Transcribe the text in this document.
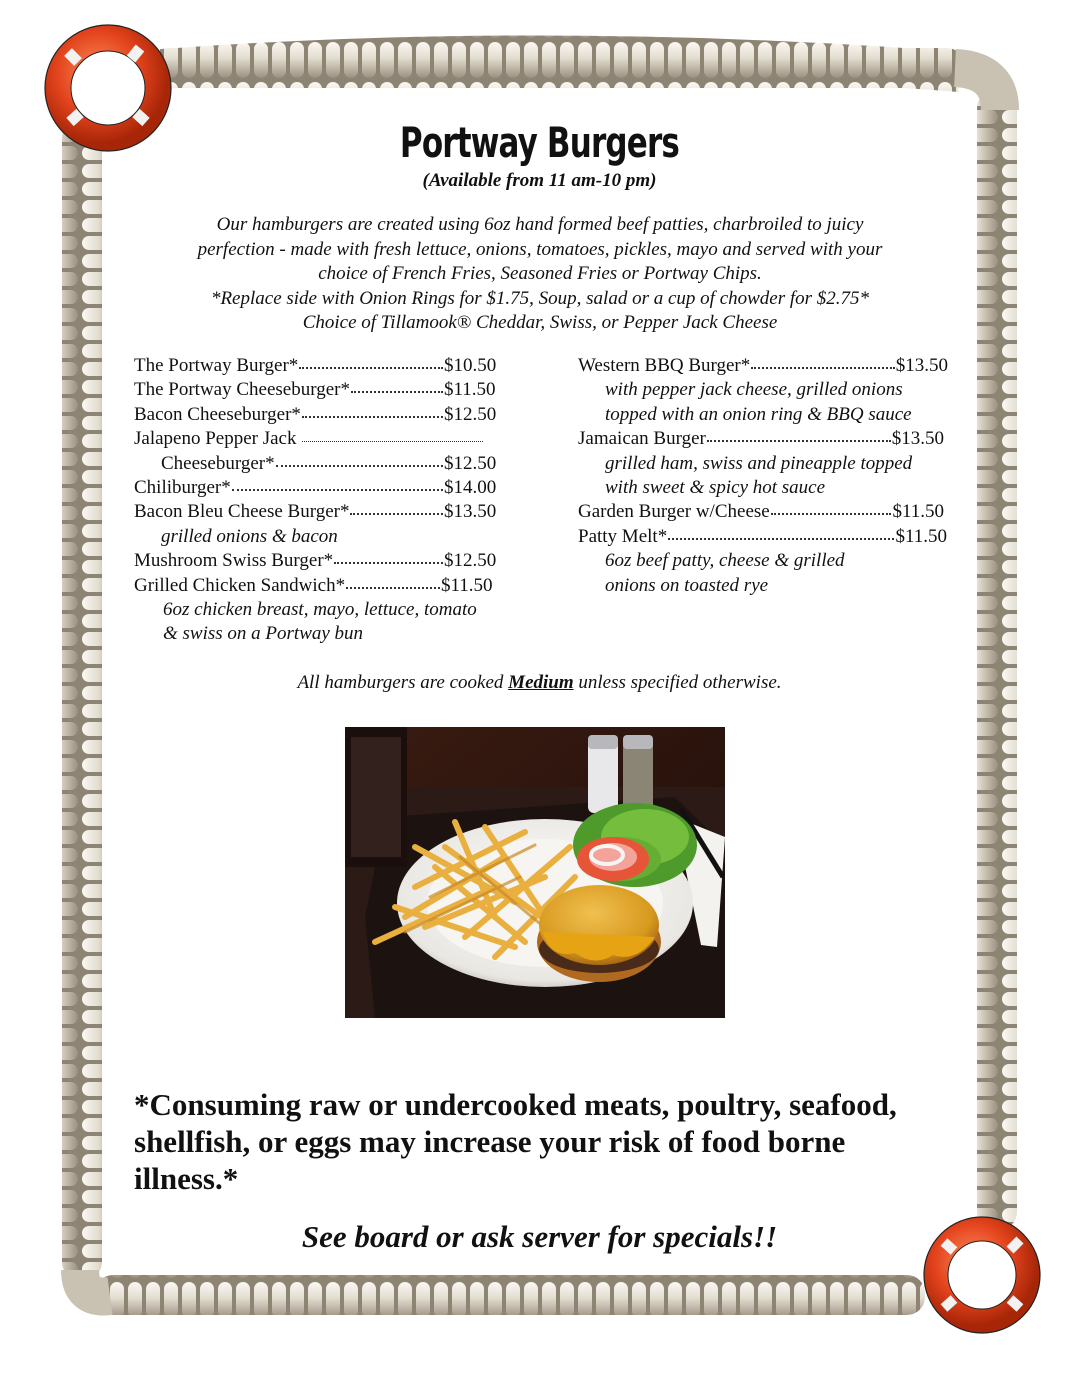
Portway Burgers
(Available from 11 am-10 pm)
Our hamburgers are created using 6oz hand formed beef patties, charbroiled to juicy
perfection - made with fresh lettuce, onions, tomatoes, pickles, mayo and served with your
choice of French Fries, Seasoned Fries or Portway Chips.
*Replace side with Onion Rings for $1.75, Soup, salad or a cup of chowder for $2.75*
Choice of Tillamook® Cheddar, Swiss, or Pepper Jack Cheese
The Portway Burger*	$10.50
The Portway Cheeseburger*	$11.50
Bacon Cheeseburger*	$12.50
Jalapeno Pepper Jack
Cheeseburger*	$12.50
Chiliburger*	$14.00
Bacon Bleu Cheese Burger*	$13.50
grilled onions & bacon
Mushroom Swiss Burger*	$12.50
Grilled Chicken Sandwich*	$11.50
6oz chicken breast, mayo, lettuce, tomato
& swiss on a Portway bun
Western BBQ Burger*	$13.50
with pepper jack cheese, grilled onions
topped with an onion ring & BBQ sauce
Jamaican Burger	$13.50
grilled ham, swiss and pineapple topped
with sweet & spicy hot sauce
Garden Burger w/Cheese	$11.50
Patty Melt*	$11.50
6oz beef patty, cheese & grilled
onions on toasted rye
All hamburgers are cooked Medium unless specified otherwise.
*Consuming raw or undercooked meats, poultry, seafood, shellfish, or eggs may increase your risk of food borne illness.*
See board or ask server for specials!!
